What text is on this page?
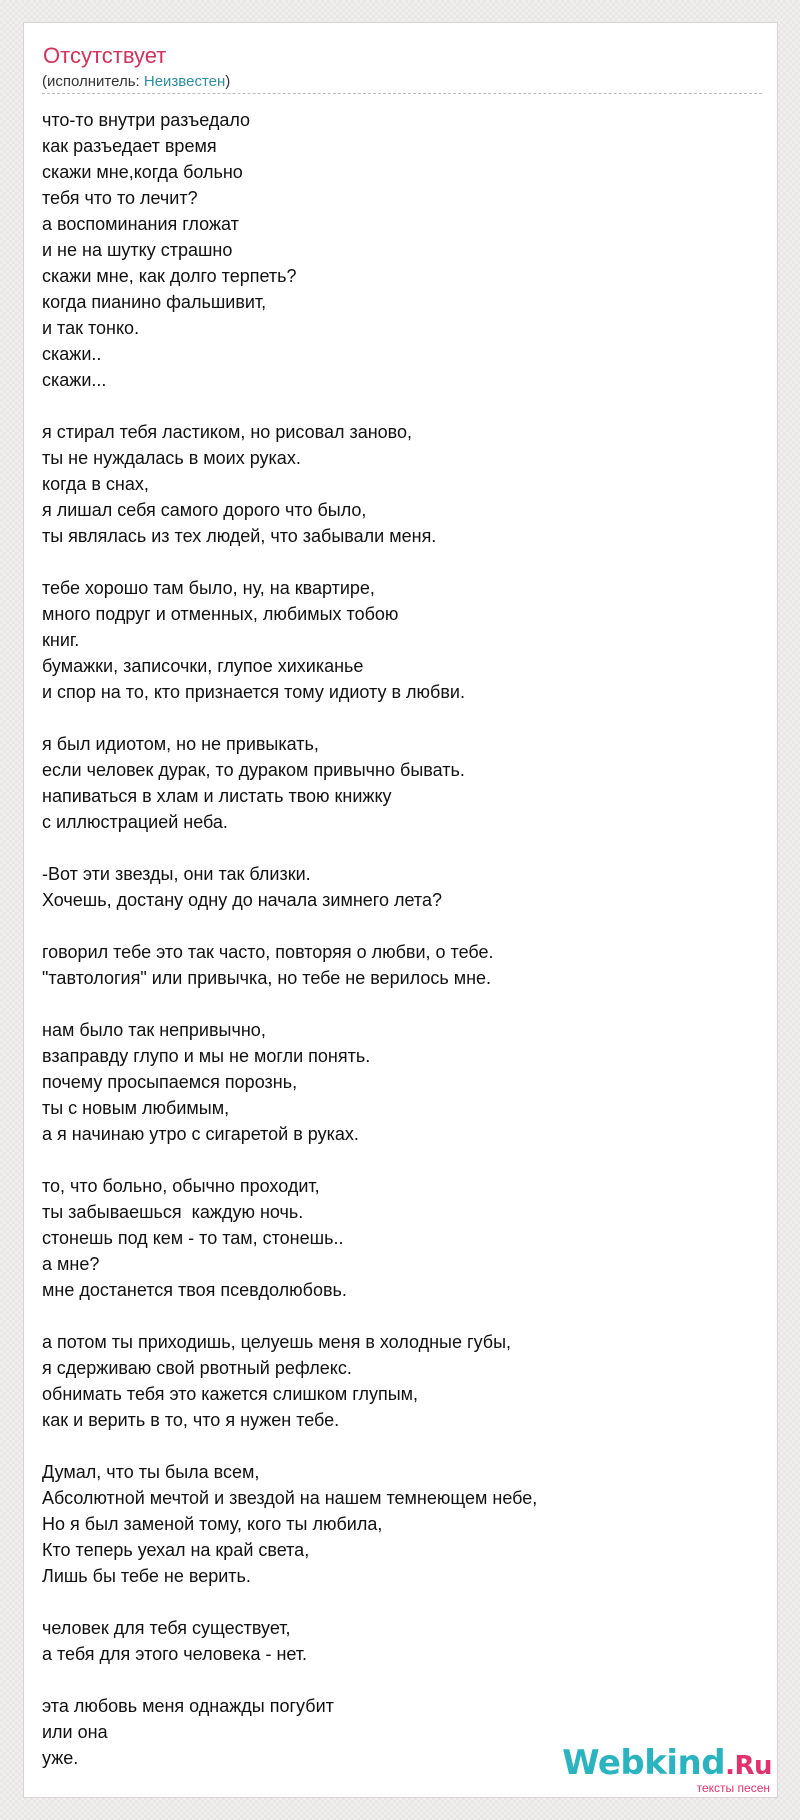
Отсутствует
(исполнитель: Неизвестен)
что-то внутри разъедало
как разъедает время
скажи мне,когда больно
тебя что то лечит?
а воспоминания гложат
и не на шутку страшно
скажи мне, как долго терпеть?
когда пианино фальшивит,
и так тонко.
скажи..
скажи...
я стирал тебя ластиком, но рисовал заново,
ты не нуждалась в моих руках.
когда в снах,
я лишал себя самого дорого что было,
ты являлась из тех людей, что забывали меня.
тебе хорошо там было, ну, на квартире,
много подруг и отменных, любимых тобою
книг.
бумажки, записочки, глупое хихиканье
и спор на то, кто признается тому идиоту в любви.
я был идиотом, но не привыкать,
если человек дурак, то дураком привычно бывать.
напиваться в хлам и листать твою книжку
с иллюстрацией неба.
-Вот эти звезды, они так близки.
Хочешь, достану одну до начала зимнего лета?
говорил тебе это так часто, повторяя о любви, о тебе.
"тавтология" или привычка, но тебе не верилось мне.
нам было так непривычно,
взаправду глупо и мы не могли понять.
почему просыпаемся порознь,
ты с новым любимым,
а я начинаю утро с сигаретой в руках.
то, что больно, обычно проходит,
ты забываешься  каждую ночь.
стонешь под кем - то там, стонешь..
а мне?
мне достанется твоя псевдолюбовь.
а потом ты приходишь, целуешь меня в холодные губы,
я сдерживаю свой рвотный рефлекс.
обнимать тебя это кажется слишком глупым,
как и верить в то, что я нужен тебе.
Думал, что ты была всем,
Абсолютной мечтой и звездой на нашем темнеющем небе,
Но я был заменой тому, кого ты любила,
Кто теперь уехал на край света,
Лишь бы тебе не верить.
человек для тебя существует,
а тебя для этого человека - нет.
эта любовь меня однажды погубит
или она
уже.	Webkind.Ru
тексты песен
